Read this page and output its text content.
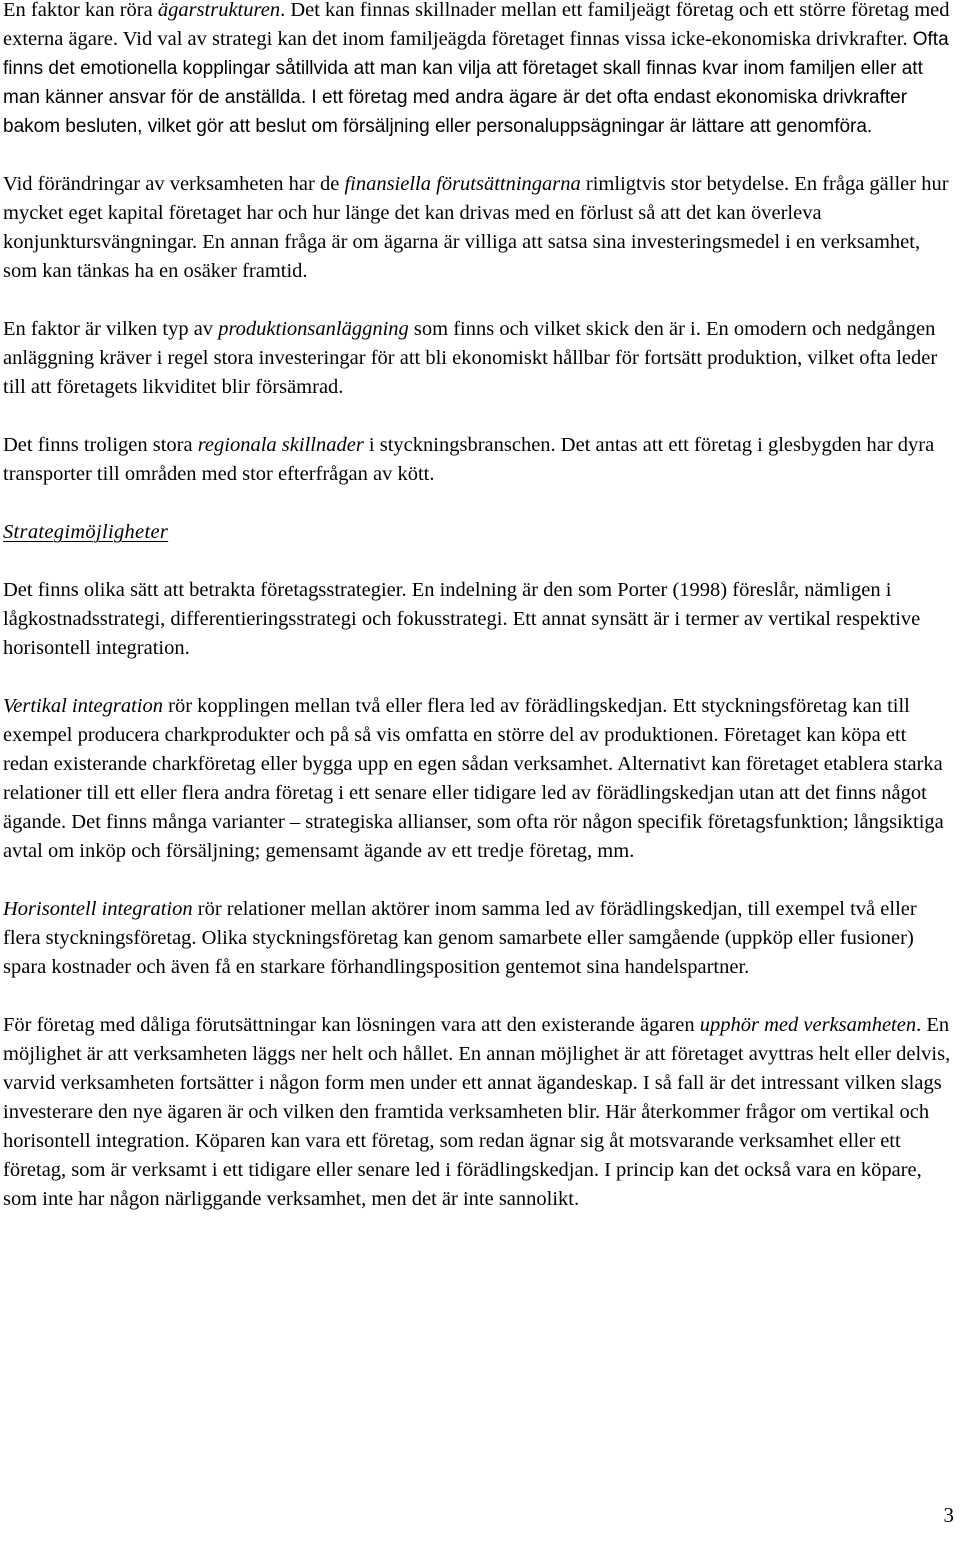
En faktor kan röra ägarstrukturen. Det kan finnas skillnader mellan ett familjeägt företag och ett större företag med externa ägare. Vid val av strategi kan det inom familjeägda företaget finnas vissa icke-ekonomiska drivkrafter. Ofta finns det emotionella kopplingar såtillvida att man kan vilja att företaget skall finnas kvar inom familjen eller att man känner ansvar för de anställda. I ett företag med andra ägare är det ofta endast ekonomiska drivkrafter bakom besluten, vilket gör att beslut om försäljning eller personaluppsägningar är lättare att genomföra.

Vid förändringar av verksamheten har de finansiella förutsättningarna rimligtvis stor betydelse. En fråga gäller hur mycket eget kapital företaget har och hur länge det kan drivas med en förlust så att det kan överleva konjunktursvängningar. En annan fråga är om ägarna är villiga att satsa sina investeringsmedel i en verksamhet, som kan tänkas ha en osäker framtid.

En faktor är vilken typ av produktionsanläggning som finns och vilket skick den är i. En omodern och nedgången anläggning kräver i regel stora investeringar för att bli ekonomiskt hållbar för fortsätt produktion, vilket ofta leder till att företagets likviditet blir försämrad.

Det finns troligen stora regionala skillnader i styckningsbranschen. Det antas att ett företag i glesbygden har dyra transporter till områden med stor efterfrågan av kött.

Strategimöjligheter

Det finns olika sätt att betrakta företagsstrategier. En indelning är den som Porter (1998) föreslår, nämligen i lågkostnadsstrategi, differentieringsstrategi och fokusstrategi. Ett annat synsätt är i termer av vertikal respektive horisontell integration.

Vertikal integration rör kopplingen mellan två eller flera led av förädlingskedjan. Ett styckningsföretag kan till exempel producera charkprodukter och på så vis omfatta en större del av produktionen. Företaget kan köpa ett redan existerande charkföretag eller bygga upp en egen sådan verksamhet. Alternativt kan företaget etablera starka relationer till ett eller flera andra företag i ett senare eller tidigare led av förädlingskedjan utan att det finns något ägande. Det finns många varianter – strategiska allianser, som ofta rör någon specifik företagsfunktion; långsiktiga avtal om inköp och försäljning; gemensamt ägande av ett tredje företag, mm.

Horisontell integration rör relationer mellan aktörer inom samma led av förädlingskedjan, till exempel två eller flera styckningsföretag. Olika styckningsföretag kan genom samarbete eller samgående (uppköp eller fusioner) spara kostnader och även få en starkare förhandlingsposition gentemot sina handelspartner.

För företag med dåliga förutsättningar kan lösningen vara att den existerande ägaren upphör med verksamheten. En möjlighet är att verksamheten läggs ner helt och hållet. En annan möjlighet är att företaget avyttras helt eller delvis, varvid verksamheten fortsätter i någon form men under ett annat ägandeskap. I så fall är det intressant vilken slags investerare den nye ägaren är och vilken den framtida verksamheten blir. Här återkommer frågor om vertikal och horisontell integration. Köparen kan vara ett företag, som redan ägnar sig åt motsvarande verksamhet eller ett företag, som är verksamt i ett tidigare eller senare led i förädlingskedjan. I princip kan det också vara en köpare, som inte har någon närliggande verksamhet, men det är inte sannolikt.

3
